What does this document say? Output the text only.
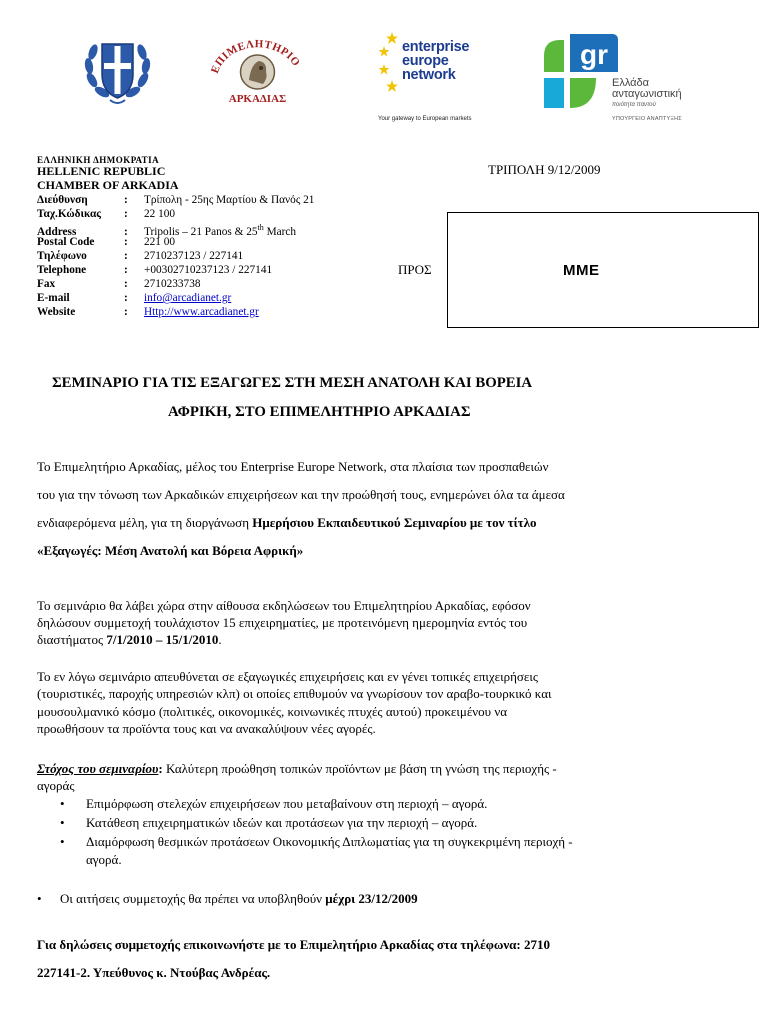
ΕΠΙΜΕΛΗΤΗΡΙΟ
ΑΡΚΑΔΙΑΣ
enterprise
europe
network
Your gateway to European markets
gr
Ελλάδα
ανταγωνιστική
ποιότητα παντού
ΥΠΟΥΡΓΕΙΟ ΑΝΑΠΤΥΞΗΣ
ΕΛΛΗΝΙΚΗ ΔΗΜΟΚΡΑΤΙΑ
HELLENIC REPUBLIC
CHAMBER OF ARKADIA
Διεύθυνση	: Τρίπολη - 25ης Μαρτίου & Πανός 21
Ταχ.Κώδικας : 22 100
Address	: Tripolis – 21 Panos & 25th March
Postal Code	: 221 00
Τηλέφωνο	: 2710237123 / 227141
Telephone	: +00302710237123 / 227141
Fax	: 2710233738
E-mail	: info@arcadianet.gr
Website	: Http://www.arcadianet.gr
ΤΡΙΠΟΛΗ 9/12/2009
ΠΡΟΣ	ΜΜΕ
ΣΕΜΙΝΑΡΙΟ ΓΙΑ ΤΙΣ ΕΞΑΓΩΓΕΣ ΣΤΗ ΜΕΣΗ ΑΝΑΤΟΛΗ ΚΑΙ ΒΟΡΕΙΑ
ΑΦΡΙΚΗ, ΣΤΟ ΕΠΙΜΕΛΗΤΗΡΙΟ ΑΡΚΑΔΙΑΣ
Το Επιμελητήριο Αρκαδίας, μέλος του Enterprise Europe Network, στα πλαίσια των προσπαθειών
του για την τόνωση των Αρκαδικών επιχειρήσεων και την προώθησή τους, ενημερώνει όλα τα άμεσα
ενδιαφερόμενα μέλη, για τη διοργάνωση Ημερήσιου Εκπαιδευτικού Σεμιναρίου με τον τίτλο
«Εξαγωγές: Μέση Ανατολή και Βόρεια Αφρική»
Το σεμινάριο θα λάβει χώρα στην αίθουσα εκδηλώσεων του Επιμελητηρίου Αρκαδίας, εφόσον
δηλώσουν συμμετοχή τουλάχιστον 15 επιχειρηματίες, με προτεινόμενη ημερομηνία εντός του
διαστήματος 7/1/2010 – 15/1/2010.
Το εν λόγω σεμινάριο απευθύνεται σε εξαγωγικές επιχειρήσεις και εν γένει τοπικές επιχειρήσεις
(τουριστικές, παροχής υπηρεσιών κλπ) οι οποίες επιθυμούν να γνωρίσουν τον αραβο-τουρκικό και
μουσουλμανικό κόσμο (πολιτικές, οικονομικές, κοινωνικές πτυχές αυτού) προκειμένου να
προωθήσουν τα προϊόντα τους και να ανακαλύψουν νέες αγορές.
Στόχος του σεμιναρίου: Καλύτερη προώθηση τοπικών προϊόντων με βάση τη γνώση της περιοχής -
αγοράς
• Επιμόρφωση στελεχών επιχειρήσεων που μεταβαίνουν στη περιοχή – αγορά.
• Κατάθεση επιχειρηματικών ιδεών και προτάσεων για την περιοχή – αγορά.
• Διαμόρφωση θεσμικών προτάσεων Οικονομικής Διπλωματίας για τη συγκεκριμένη περιοχή -
αγορά.
• Οι αιτήσεις συμμετοχής θα πρέπει να υποβληθούν μέχρι 23/12/2009
Για δηλώσεις συμμετοχής επικοινωνήστε με το Επιμελητήριο Αρκαδίας στα τηλέφωνα: 2710
227141-2. Υπεύθυνος κ. Ντούβας Ανδρέας.
